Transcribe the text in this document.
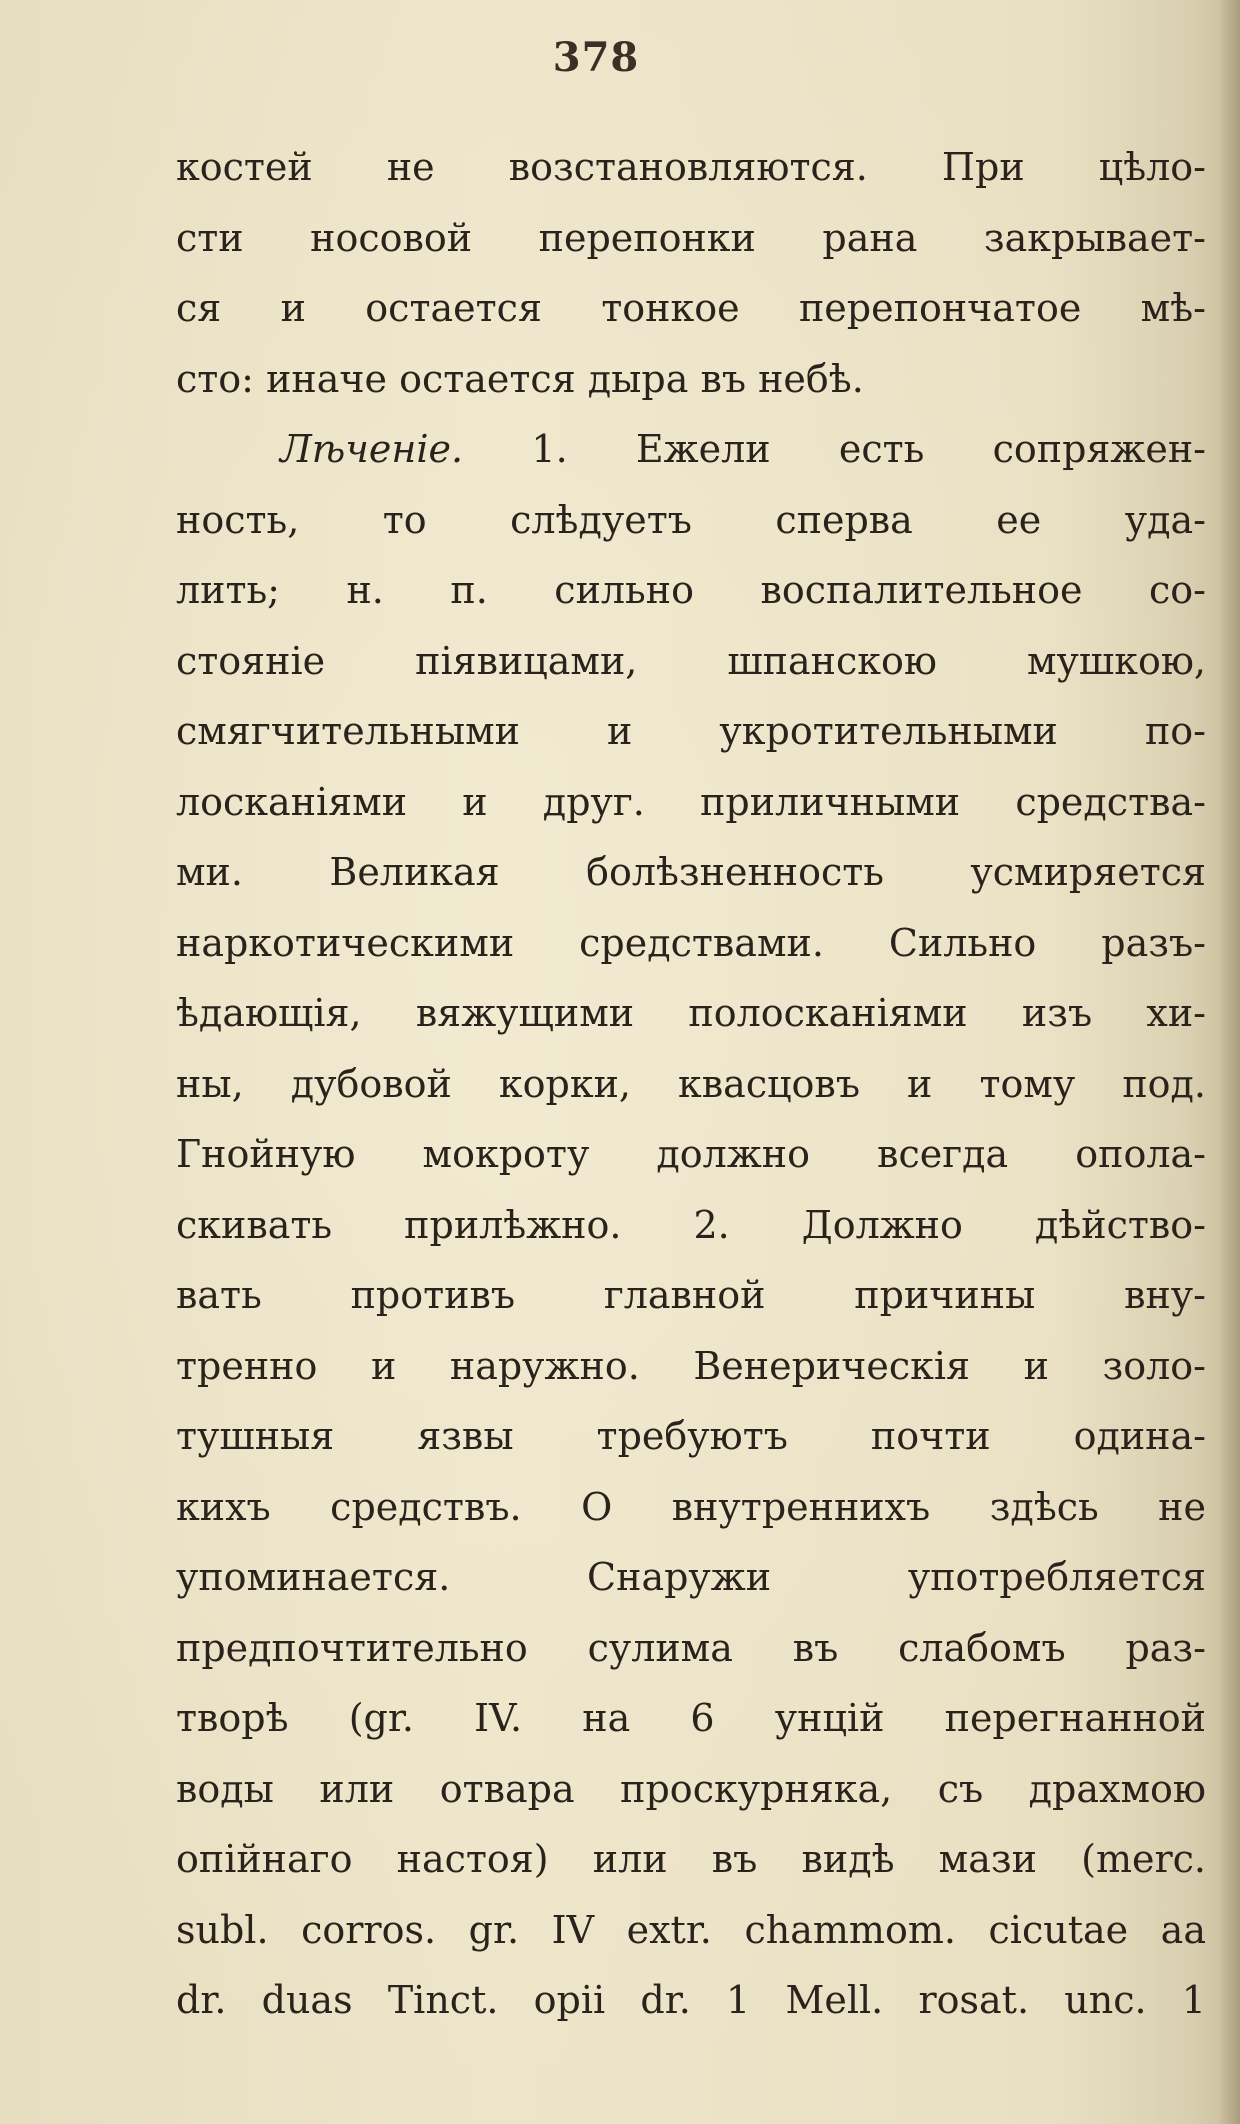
378
костей не возстановляются. При цѣло-
сти носовой перепонки рана закрывает-
ся и остается тонкое перепончатое мѣ-
сто: иначе остается дыра въ небѣ.
Лѣченіе. 1. Ежели есть сопряжен-
ность, то слѣдуетъ сперва ее уда-
лить; н. п. сильно воспалительное со-
стояніе піявицами, шпанскою мушкою,
смягчительными и укротительными по-
лосканіями и друг. приличными средства-
ми. Великая болѣзненность усмиряется
наркотическими средствами. Сильно разъ-
ѣдающія, вяжущими полосканіями изъ хи-
ны, дубовой корки, квасцовъ и тому под.
Гнойную мокроту должно всегда опола-
скивать прилѣжно. 2. Должно дѣйство-
вать противъ главной причины вну-
тренно и наружно. Венерическія и золо-
тушныя язвы требуютъ почти одина-
кихъ средствъ. О внутреннихъ здѣсь не
упоминается. Снаружи употребляется
предпочтительно сулима въ слабомъ раз-
творѣ (gr. IV. на 6 унцій перегнанной
воды или отвара проскурняка, съ драхмою
опійнаго настоя) или въ видѣ мази (merc.
subl. corros. gr. IV extr. chammom. cicutae aa
dr. duas Tinct. opii dr. 1 Mell. rosat. unc. 1
